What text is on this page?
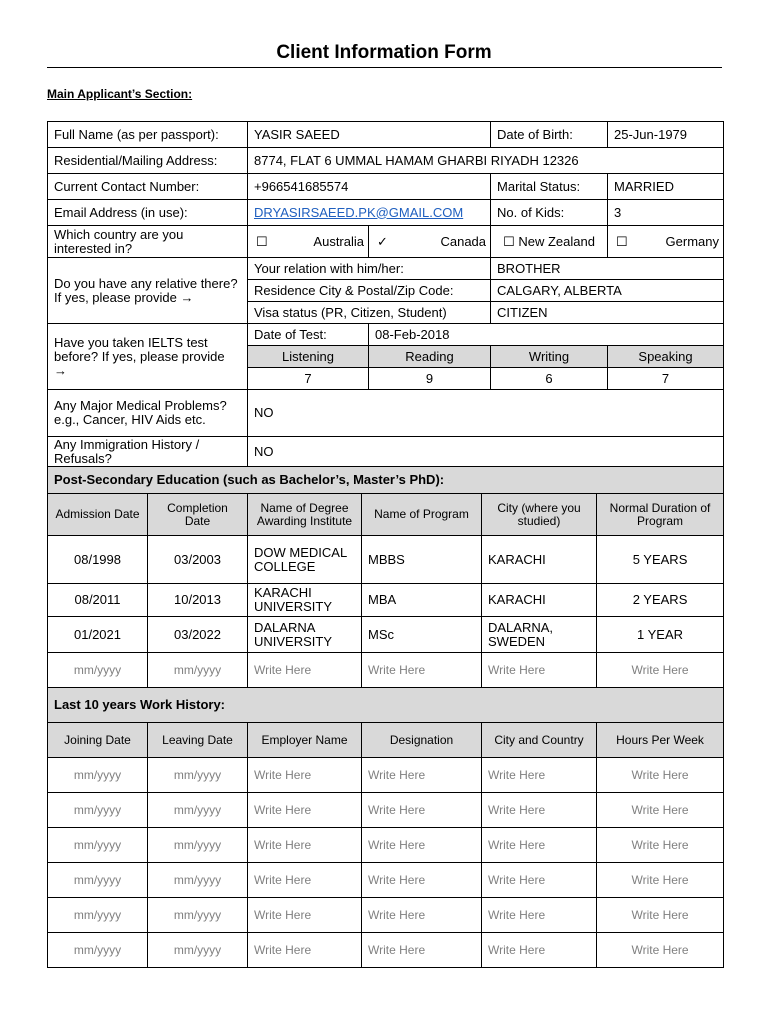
Client Information Form
Main Applicant’s Section:
Full Name (as per passport):	YASIR SAEED		Date of Birth:	25-Jun-1979
Residential/Mailing Address:	8774, FLAT 6 UMMAL HAMAM GHARBI RIYADH 12326			
Current Contact Number:	+966541685574		Marital Status:	MARRIED
Email Address (in use):	DRYASIRSAEED.PK@GMAIL.COM		No. of Kids:	3
Which country are you interested in?	☐ Australia	✓ Canada	☐ New Zealand	☐ Germany

Do you have any relative there? If yes, please provide →	Your relation with him/her:		BROTHER	
	Residence City & Postal/Zip Code:		CALGARY, ALBERTA	
	Visa status (PR, Citizen, Student)		CITIZEN	
Have you taken IELTS test before? If yes, please provide →	Date of Test:	08-Feb-2018		
	Listening	Reading	Writing	Speaking
	7	9	6	7
Any Major Medical Problems? e.g., Cancer, HIV Aids etc.	NO			
Any Immigration History / Refusals?	NO			
Post-Secondary Education (such as Bachelor’s, Master’s PhD):					
Admission Date	Completion Date	Name of Degree Awarding Institute	Name of Program	City (where you studied)	Normal Duration of Program
08/1998	03/2003	DOW MEDICAL COLLEGE	MBBS	KARACHI	5 YEARS
08/2011	10/2013	KARACHI UNIVERSITY	MBA	KARACHI	2 YEARS
01/2021	03/2022	DALARNA UNIVERSITY	MSc	DALARNA, SWEDEN	1 YEAR
mm/yyyy	mm/yyyy	Write Here	Write Here	Write Here	Write Here
Last 10 years Work History:					
Joining Date	Leaving Date	Employer Name	Designation	City and Country	Hours Per Week
mm/yyyy	mm/yyyy	Write Here	Write Here	Write Here	Write Here
mm/yyyy	mm/yyyy	Write Here	Write Here	Write Here	Write Here
mm/yyyy	mm/yyyy	Write Here	Write Here	Write Here	Write Here
mm/yyyy	mm/yyyy	Write Here	Write Here	Write Here	Write Here
mm/yyyy	mm/yyyy	Write Here	Write Here	Write Here	Write Here
mm/yyyy	mm/yyyy	Write Here	Write Here	Write Here	Write Here
